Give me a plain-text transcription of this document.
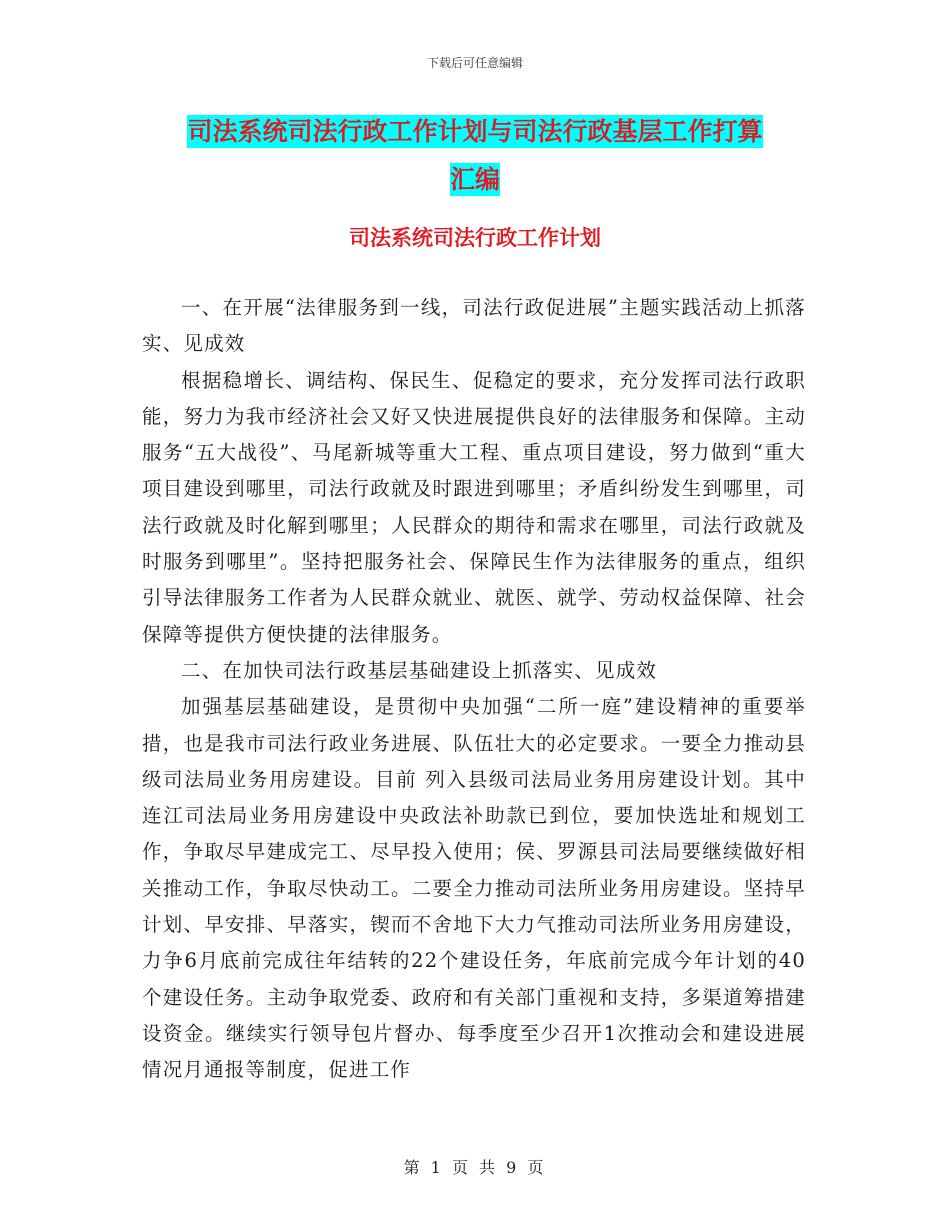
下载后可任意编辑
司法系统司法行政工作计划与司法行政基层工作打算
汇编
司法系统司法行政工作计划

一、在开展“法律服务到一线，司法行政促进展”主题实践活动上抓落实、见成效

根据稳增长、调结构、保民生、促稳定的要求，充分发挥司法行政职能，努力为我市经济社会又好又快进展提供良好的法律服务和保障。主动服务“五大战役”、马尾新城等重大工程、重点项目建设，努力做到“重大项目建设到哪里，司法行政就及时跟进到哪里；矛盾纠纷发生到哪里，司法行政就及时化解到哪里；人民群众的期待和需求在哪里，司法行政就及时服务到哪里”。坚持把服务社会、保障民生作为法律服务的重点，组织引导法律服务工作者为人民群众就业、就医、就学、劳动权益保障、社会保障等提供方便快捷的法律服务。

二、在加快司法行政基层基础建设上抓落实、见成效

加强基层基础建设，是贯彻中央加强“二所一庭”建设精神的重要举措，也是我市司法行政业务进展、队伍壮大的必定要求。一要全力推动县级司法局业务用房建设。目前 列入县级司法局业务用房建设计划。其中连江司法局业务用房建设中央政法补助款已到位，要加快选址和规划工作，争取尽早建成完工、尽早投入使用；侯、罗源县司法局要继续做好相关推动工作，争取尽快动工。二要全力推动司法所业务用房建设。坚持早计划、早安排、早落实，锲而不舍地下大力气推动司法所业务用房建设，力争6月底前完成往年结转的22个建设任务，年底前完成今年计划的40个建设任务。主动争取党委、政府和有关部门重视和支持，多渠道筹措建设资金。继续实行领导包片督办、每季度至少召开1次推动会和建设进展情况月通报等制度，促进工作

第 1 页 共 9 页
